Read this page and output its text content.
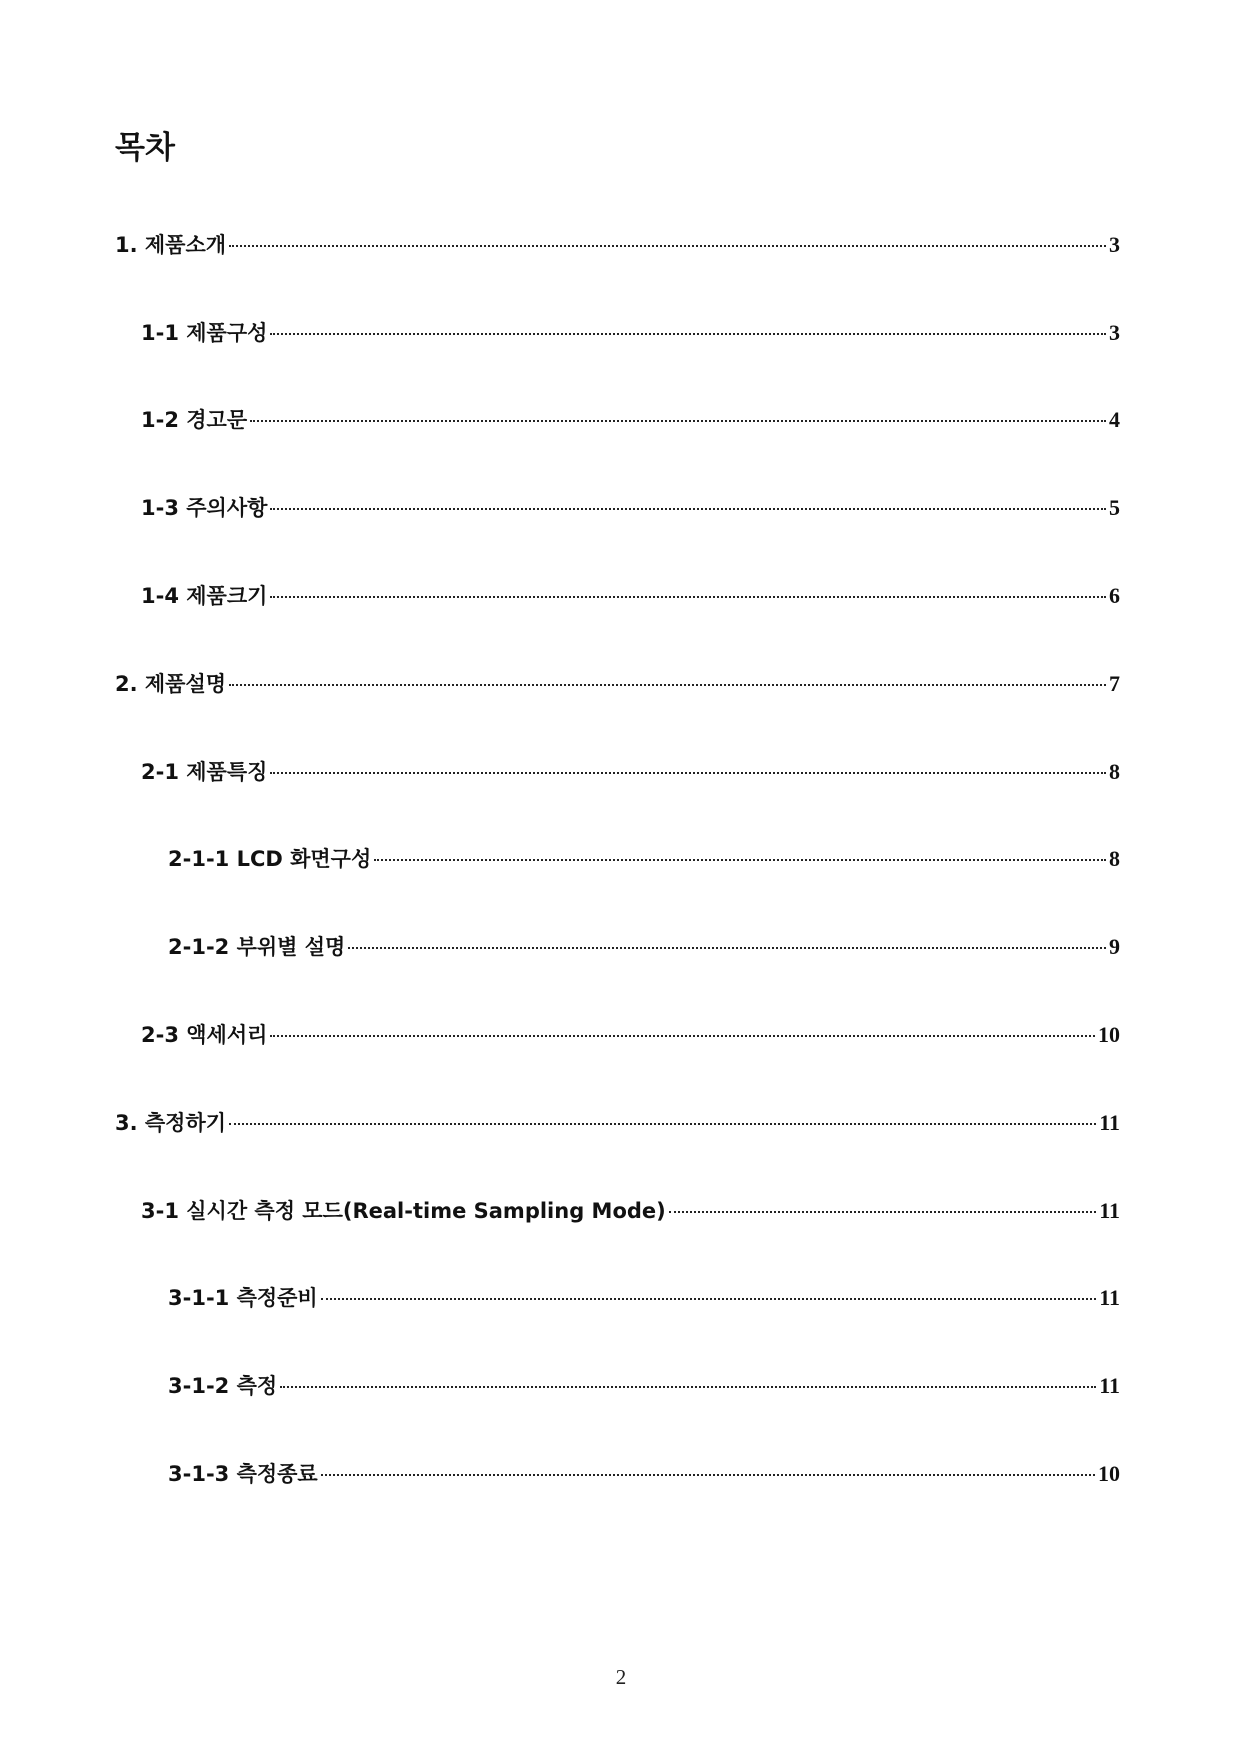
목차
1. 제품소개	3
1-1 제품구성	3
1-2 경고문	4
1-3 주의사항	5
1-4 제품크기	6
2. 제품설명	7
2-1 제품특징	8
2-1-1 LCD 화면구성	8
2-1-2 부위별 설명	9
2-3 액세서리	10
3. 측정하기	11
3-1 실시간 측정 모드(Real-time Sampling Mode)	11
3-1-1 측정준비	11
3-1-2 측정	11
3-1-3 측정종료	10
2
